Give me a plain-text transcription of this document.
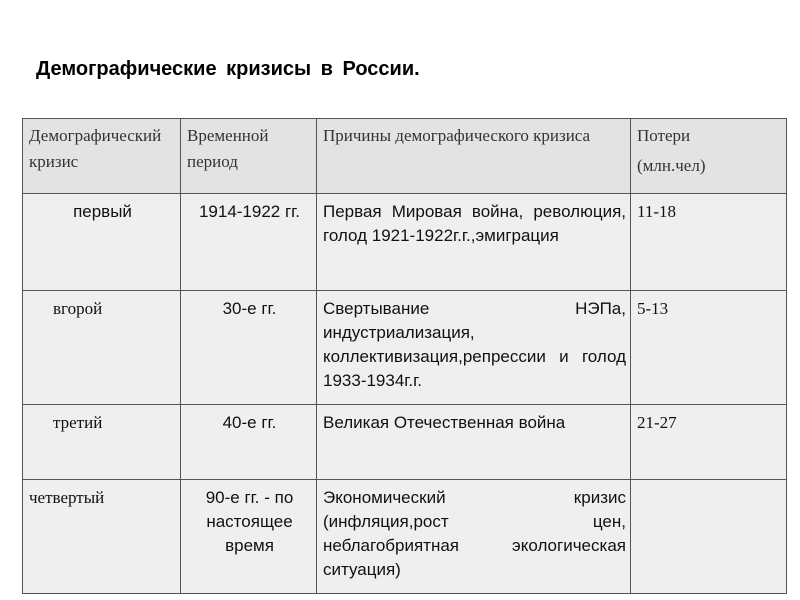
Демографические кризисы в России.
Демографический кризис	Временной период	Причины демографического кризиса	Потери
(млн.чел)

первый	1914-1922 гг.	Первая Мировая война, революция, голод 1921-1922г.г.,эмиграция	11-18
вгорой	30-е гг.	Свертывание НЭПа, индустриализация, коллективизация,репрессии и голод 1933-1934г.г.	5-13
третий	40-е гг.	Великая Отечественная война	21-27
четвертый	90-е гг. - по настоящее время	Экономический кризис (инфляция,рост цен, неблагобриятная экологическая ситуация)	
